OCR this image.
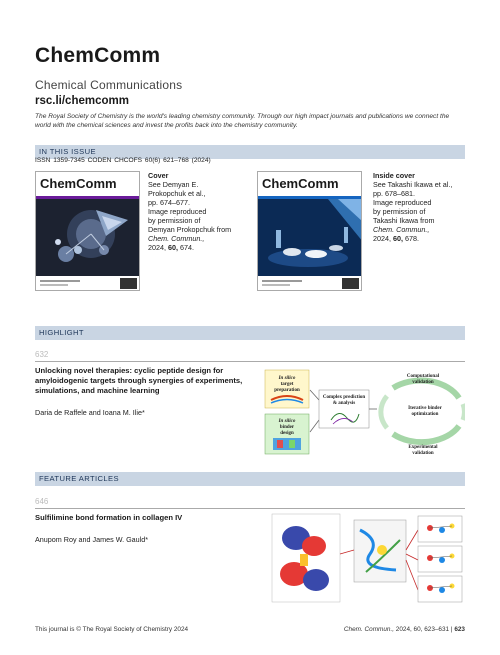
ChemComm
Chemical Communications
rsc.li/chemcomm
The Royal Society of Chemistry is the world's leading chemistry community. Through our high impact journals and publications we connect the world with the chemical sciences and invest the profits back into the chemistry community.
IN THIS ISSUE
ISSN 1359-7345 CODEN CHCOFS 60(6) 621–768 (2024)
ChemComm
Cover
See Demyan E.
Prokopchuk et al.,
pp. 674–677.
Image reproduced
by permission of
Demyan Prokopchuk from
Chem. Commun.,
2024, 60, 674.
ChemComm
Inside cover
See Takashi Ikawa et al.,
pp. 678–681.
Image reproduced
by permission of
Takashi Ikawa from
Chem. Commun.,
2024, 60, 678.
HIGHLIGHT
632
Unlocking novel therapies: cyclic peptide design for amyloidogenic targets through synergies of experiments, simulations, and machine learning
Daria de Raffele and Ioana M. Ilie*
In silico
target
preparation
In silico
binder
design
Complex prediction
& analysis
Computational
validation
Iterative binder
optimization
Experimental
validation
FEATURE ARTICLES
646
Sulfilimine bond formation in collagen IV
Anupom Roy and James W. Gauld*
This journal is © The Royal Society of Chemistry 2024	Chem. Commun., 2024, 60, 623–631 | 623
